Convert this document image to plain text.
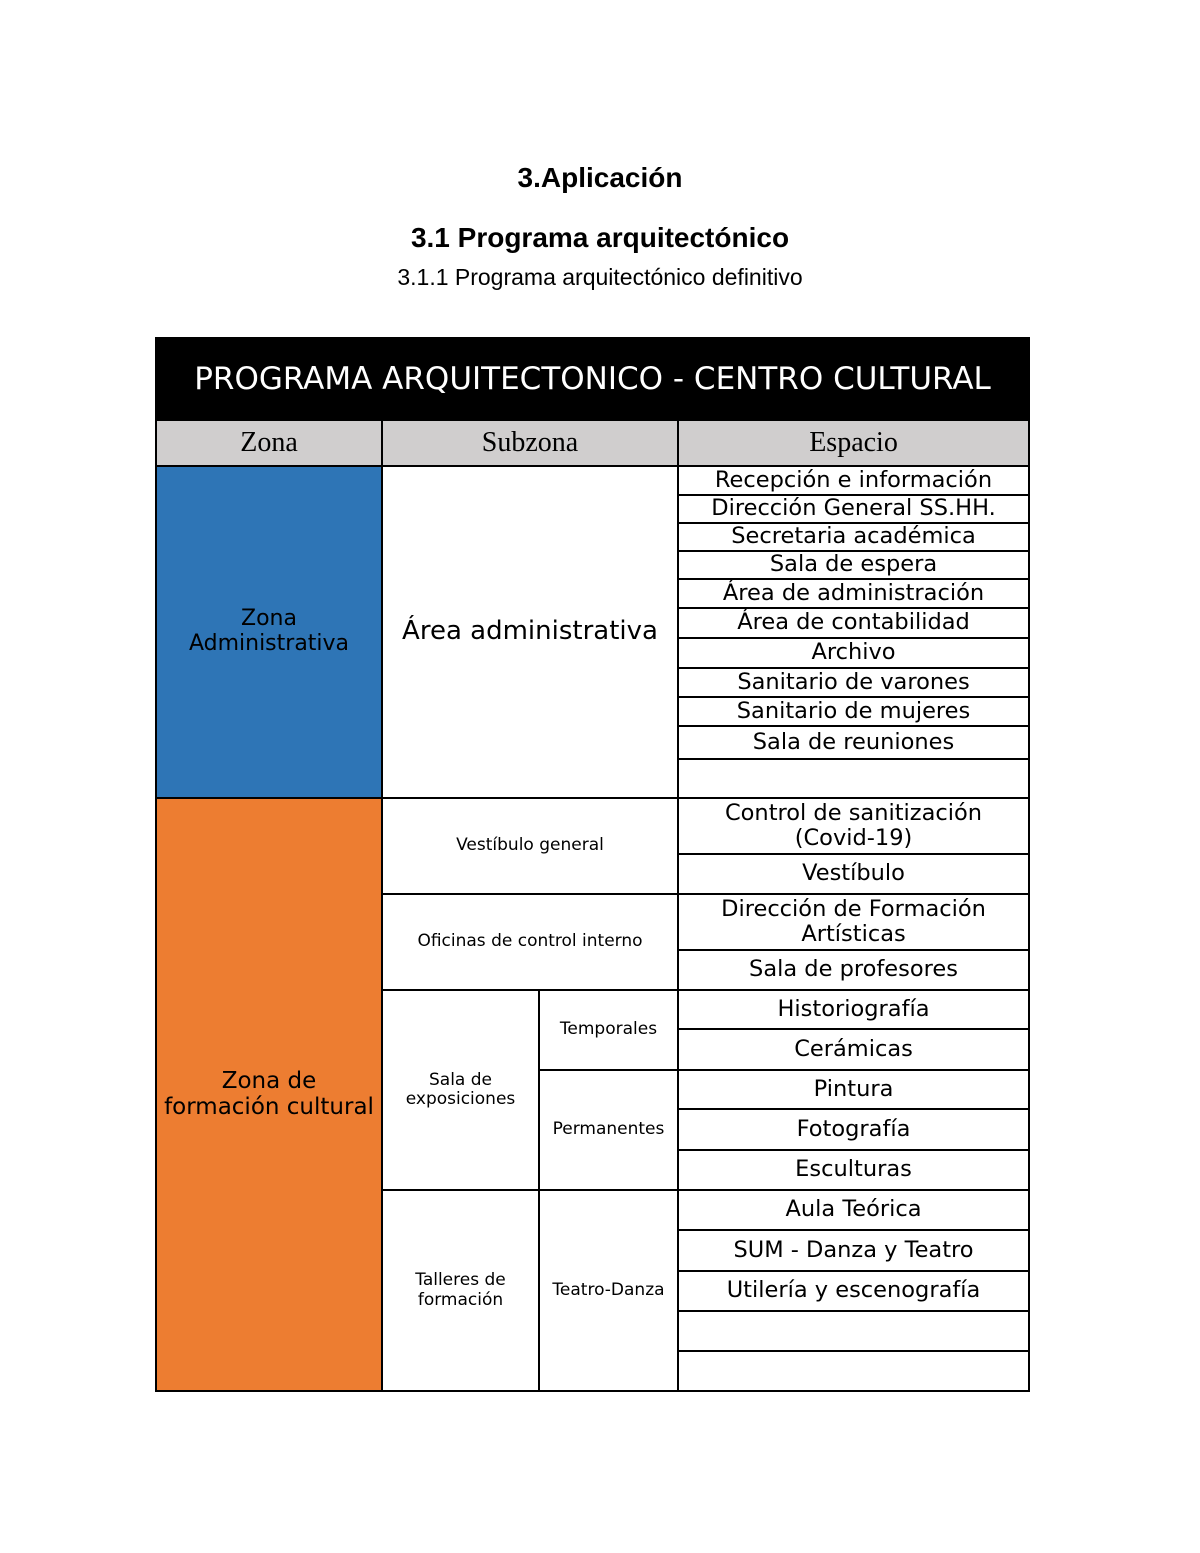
3.Aplicación
3.1 Programa arquitectónico
3.1.1 Programa arquitectónico definitivo
PROGRAMA ARQUITECTONICO - CENTRO CULTURAL			
Zona	Subzona		Espacio
Zona Administrativa	Área administrativa		Recepción e información
			Dirección General SS.HH.
			Secretaria académica
			Sala de espera
			Área de administración
			Área de contabilidad
			Archivo
			Sanitario de varones
			Sanitario de mujeres
			Sala de reuniones

Zona de formación cultural	Vestíbulo general		Control de sanitización (Covid-19)
			Vestíbulo
	Oficinas de control interno		Dirección de Formación Artísticas
			Sala de profesores
	Sala de exposiciones	Temporales	Historiografía
			Cerámicas
		Permanentes	Pintura
			Fotografía
			Esculturas
	Talleres de formación	Teatro-Danza	Aula Teórica
			SUM - Danza y Teatro
			Utilería y escenografía
